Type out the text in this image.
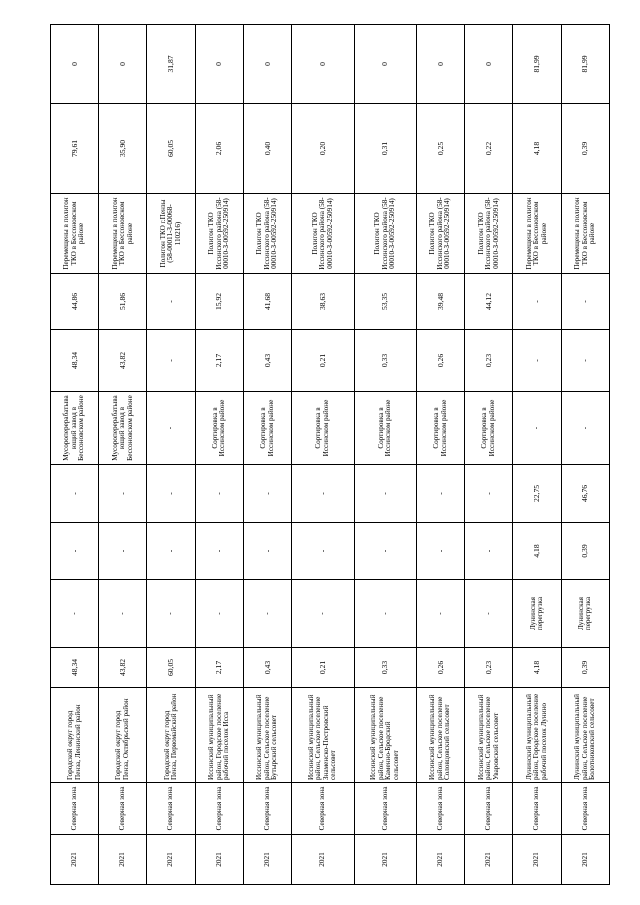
2021	Северная зона	Городской округ город Пенза, Ленинский район	48,34	-	-	-	Мусороперерабатывающий завод в Бессоновском районе	48,34	44,86	Перемещены в полигон ТКО в Бессоновском районе	79,61	0
2021	Северная зона	Городской округ город Пенза, Октябрьский район	43,82	-	-	-	Мусороперерабатывающий завод в Бессоновском районе	43,82	51,86	Перемещены в полигон ТКО в Бессоновском районе	35,90	0
2021	Северная зона	Городской округ город Пенза, Первомайский район	60,05	-	-	-	-	-	-	Полигон ТКО г.Пензы (58-00011-З-00068-110216)	60,05	31,87
2021	Северная зона	Иссинский муниципальный район, Городское поселение рабочий поселок Исса	2,17	-	-	-	Сортировка в Иссинском районе	2,17	15,92	Полигон ТКО Иссинского района (58-00010-З-00592-250914)	2,06	0
2021	Северная зона	Иссинский муниципальный район, Сельское поселение Бутырский сельсовет	0,43	-	-	-	Сортировка в Иссинском районе	0,43	41,68	Полигон ТКО Иссинского района (58-00010-З-00592-250914)	0,40	0
2021	Северная зона	Иссинский муниципальный район, Сельское поселение Знаменско-Пестровский сельсовет	0,21	-	-	-	Сортировка в Иссинском районе	0,21	38,63	Полигон ТКО Иссинского района (58-00010-З-00592-250914)	0,20	0
2021	Северная зона	Иссинский муниципальный район, Сельское поселение Каменно-Бродский сельсовет	0,33	-	-	-	Сортировка в Иссинском районе	0,33	53,35	Полигон ТКО Иссинского района (58-00010-З-00592-250914)	0,31	0
2021	Северная зона	Иссинский муниципальный район, Сельское поселение Соловцовский сельсовет	0,26	-	-	-	Сортировка в Иссинском районе	0,26	39,48	Полигон ТКО Иссинского района (58-00010-З-00592-250914)	0,25	0
2021	Северная зона	Иссинский муниципальный район, Сельское поселение Уваровский сельсовет	0,23	-	-	-	Сортировка в Иссинском районе	0,23	44,12	Полигон ТКО Иссинского района (58-00010-З-00592-250914)	0,22	0
2021	Северная зона	Лунинский муниципальный район, Городское поселение рабочий поселок Лунино	4,18	Лунинская перегрузка	4,18	22,75	-	-	-	Перемещены в полигон ТКО в Бессоновском районе	4,18	81,99
2021	Северная зона	Лунинский муниципальный район, Сельское поселение Болотниковский сельсовет	0,39	Лунинская перегрузка	0,39	46,76	-	-	-	Перемещены в полигон ТКО в Бессоновском районе	0,39	81,99
